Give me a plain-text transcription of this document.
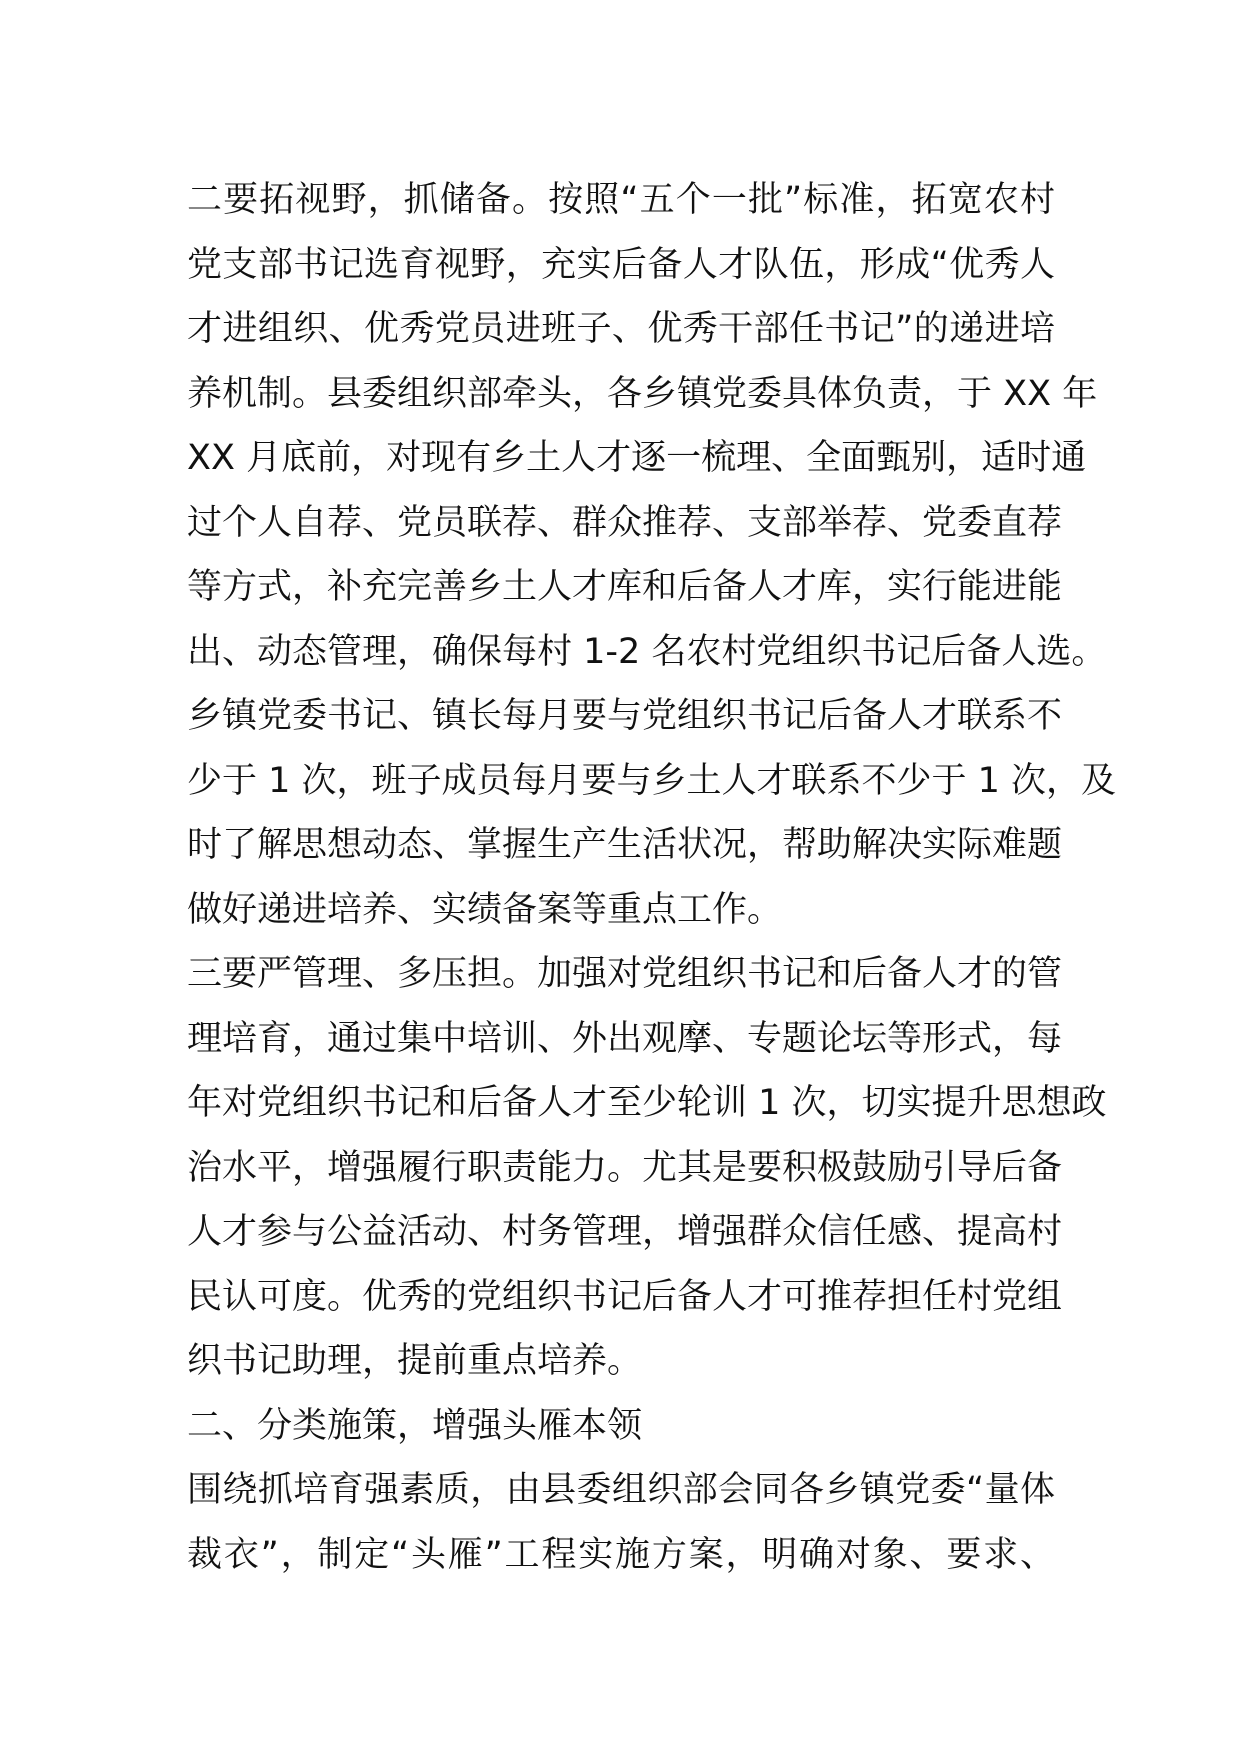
二要拓视野，抓储备。按照“五个一批”标准，拓宽农村
党支部书记选育视野，充实后备人才队伍，形成“优秀人
才进组织、优秀党员进班子、优秀干部任书记”的递进培
养机制。县委组织部牵头，各乡镇党委具体负责，于 XX 年
XX 月底前，对现有乡土人才逐一梳理、全面甄别，适时通
过个人自荐、党员联荐、群众推荐、支部举荐、党委直荐
等方式，补充完善乡土人才库和后备人才库，实行能进能
出、动态管理，确保每村 1-2 名农村党组织书记后备人选。
乡镇党委书记、镇长每月要与党组织书记后备人才联系不
少于 1 次，班子成员每月要与乡土人才联系不少于 1 次，及
时了解思想动态、掌握生产生活状况，帮助解决实际难题
做好递进培养、实绩备案等重点工作。
三要严管理、多压担。加强对党组织书记和后备人才的管
理培育，通过集中培训、外出观摩、专题论坛等形式，每
年对党组织书记和后备人才至少轮训 1 次，切实提升思想政
治水平，增强履行职责能力。尤其是要积极鼓励引导后备
人才参与公益活动、村务管理，增强群众信任感、提高村
民认可度。优秀的党组织书记后备人才可推荐担任村党组
织书记助理，提前重点培养。
二、分类施策，增强头雁本领
围绕抓培育强素质，由县委组织部会同各乡镇党委“量体
裁衣”，制定“头雁”工程实施方案，明确对象、要求、
